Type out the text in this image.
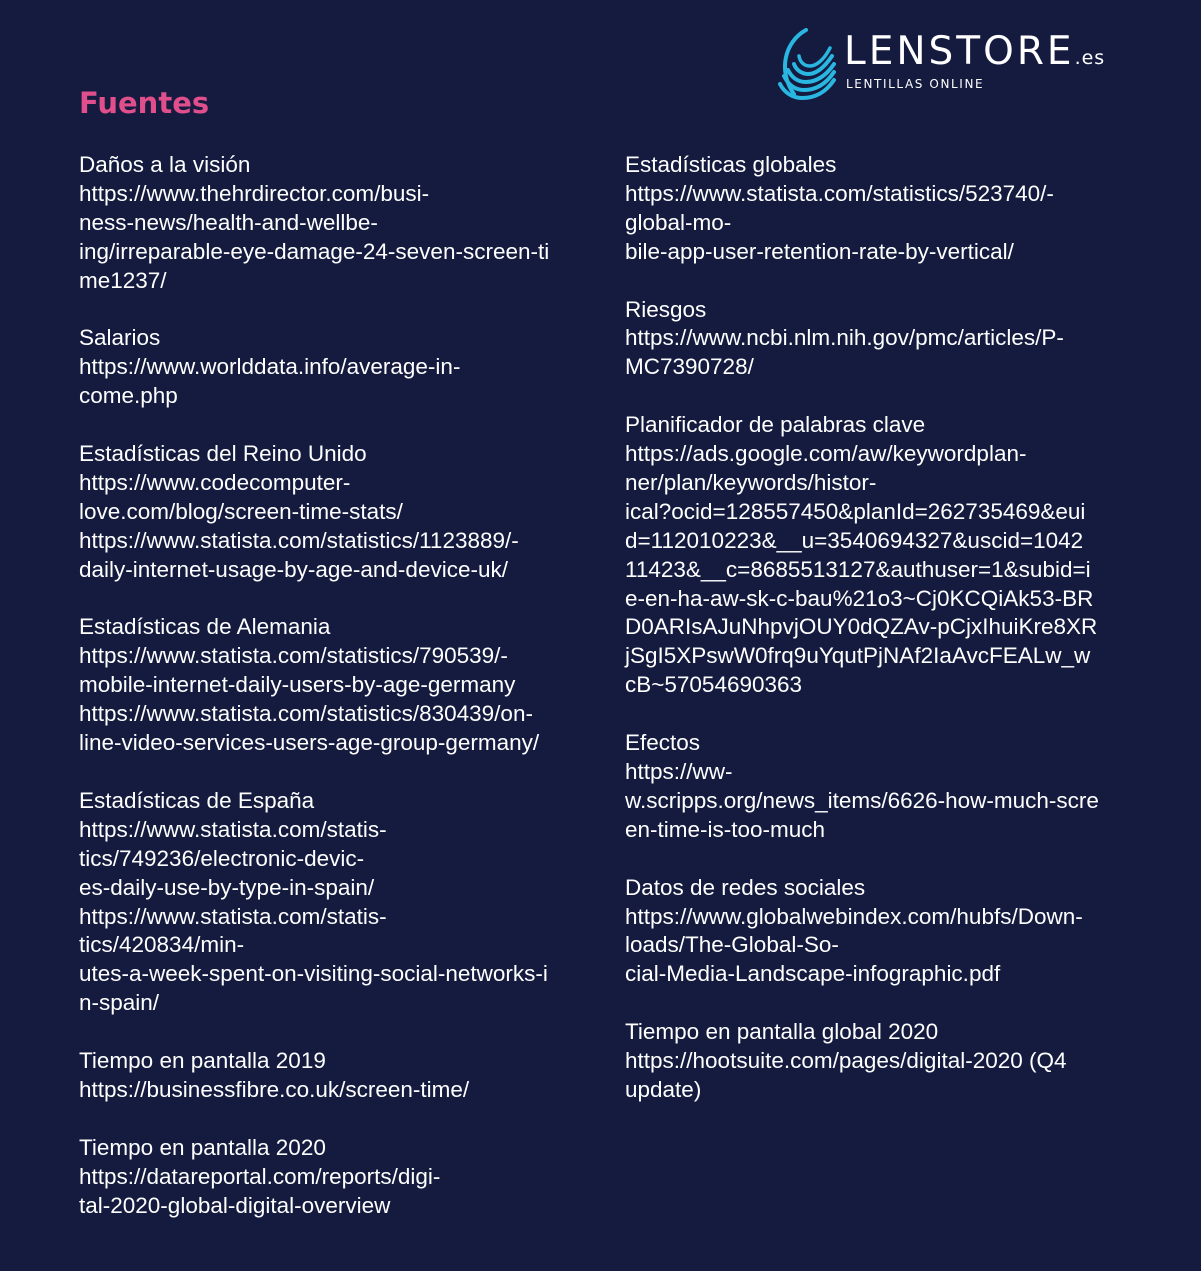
LENSTORE.es
LENTILLAS ONLINE
Fuentes
Daños a la visión
https://www.thehrdirector.com/busi-
ness-news/health-and-wellbe-
ing/irreparable-eye-damage-24-seven-screen-ti
me1237/
Salarios
https://www.worlddata.info/average-in-
come.php
Estadísticas del Reino Unido
https://www.codecomputer-
love.com/blog/screen-time-stats/
https://www.statista.com/statistics/1123889/-
daily-internet-usage-by-age-and-device-uk/
Estadísticas de Alemania
https://www.statista.com/statistics/790539/-
mobile-internet-daily-users-by-age-germany
https://www.statista.com/statistics/830439/on-
line-video-services-users-age-group-germany/
Estadísticas de España
https://www.statista.com/statis-
tics/749236/electronic-devic-
es-daily-use-by-type-in-spain/
https://www.statista.com/statis-
tics/420834/min-
utes-a-week-spent-on-visiting-social-networks-i
n-spain/
Tiempo en pantalla 2019
https://businessfibre.co.uk/screen-time/
Tiempo en pantalla 2020
https://datareportal.com/reports/digi-
tal-2020-global-digital-overview
Estadísticas globales
https://www.statista.com/statistics/523740/-
global-mo-
bile-app-user-retention-rate-by-vertical/
Riesgos
https://www.ncbi.nlm.nih.gov/pmc/articles/P-
MC7390728/
Planificador de palabras clave
https://ads.google.com/aw/keywordplan-
ner/plan/keywords/histor-
ical?ocid=128557450&planId=262735469&eui
d=112010223&__u=3540694327&uscid=1042
11423&__c=8685513127&authuser=1&subid=i
e-en-ha-aw-sk-c-bau%21o3~Cj0KCQiAk53-BR
D0ARIsAJuNhpvjOUY0dQZAv-pCjxIhuiKre8XR
jSgI5XPswW0frq9uYqutPjNAf2IaAvcFEALw_w
cB~57054690363
Efectos
https://ww-
w.scripps.org/news_items/6626-how-much-scre
en-time-is-too-much
Datos de redes sociales
https://www.globalwebindex.com/hubfs/Down-
loads/The-Global-So-
cial-Media-Landscape-infographic.pdf
Tiempo en pantalla global 2020
https://hootsuite.com/pages/digital-2020 (Q4
update)
